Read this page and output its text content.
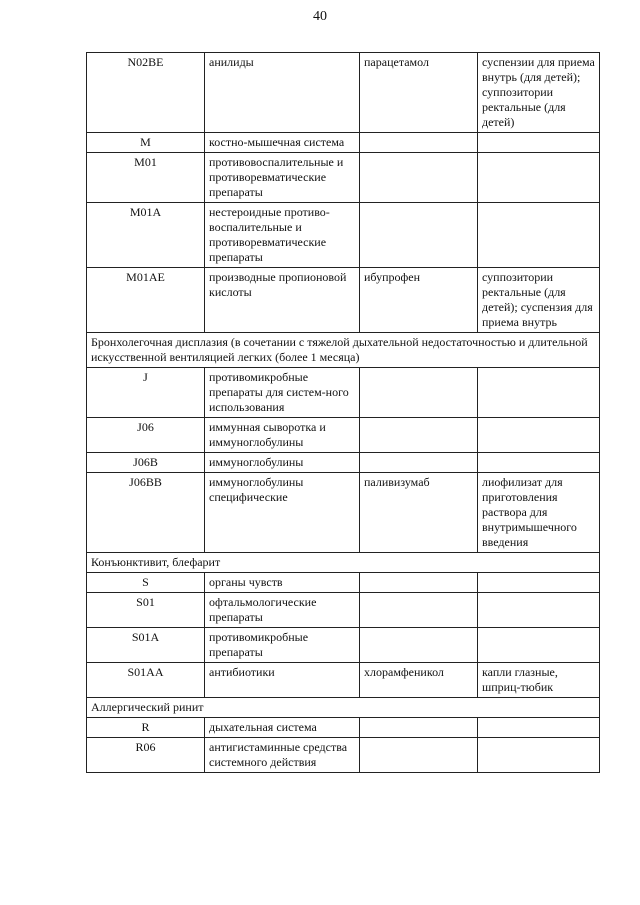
40
N02BE	анилиды	парацетамол	суспензии для приема внутрь (для детей); суппозитории ректальные (для детей)
M	костно-мышечная система		
M01	противовоспалительные и противоревматические препараты		
M01A	нестероидные противо-воспалительные и противоревматические препараты		
M01AE	производные пропионовой кислоты	ибупрофен	суппозитории ректальные (для детей); суспензия для приема внутрь
Бронхолегочная дисплазия (в сочетании с тяжелой дыхательной недостаточностью и длительной искусственной вентиляцией легких (более 1 месяца)			
J	противомикробные препараты для систем-ного использования		
J06	иммунная сыворотка и иммуноглобулины		
J06B	иммуноглобулины		
J06BB	иммуноглобулины специфические	паливизумаб	лиофилизат для приготовления раствора для внутримышечного введения
Конъюнктивит, блефарит			
S	органы чувств		
S01	офтальмологические препараты		
S01A	противомикробные препараты		
S01AA	антибиотики	хлорамфеникол	капли глазные, шприц-тюбик
Аллергический ринит			
R	дыхательная система		
R06	антигистаминные средства системного действия		
